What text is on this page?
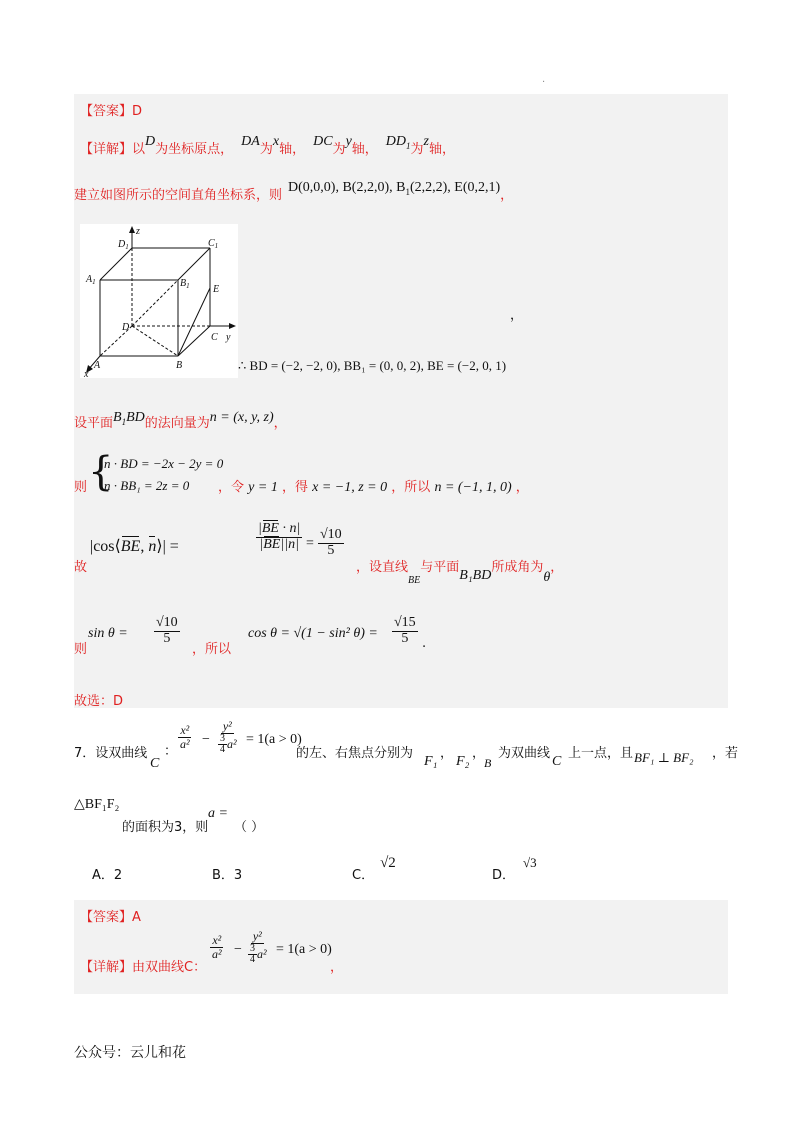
.
【答案】D
【详解】以D为坐标原点，DA为x轴，DC为y轴，$DD_1$为z轴，
建立如图所示的空间直角坐标系，则D(0,0,0), B(2,2,0), $B_1(2,2,2)$, E(0,2,1)，
z
$D_1$	$C_1$
$A_1$	$B_1$ E
D
C y
A	B
x
，
∴ BD = (−2, −2, 0), BB₁ = (0, 0, 2), BE = (−2, 0, 1)
设平面$B_1BD$的法向量为n = (x, y, z)，
则 {
n · BD = −2x − 2y = 0
n · BB₁ = 2z = 0 ，令 y = 1 ，得 x = −1, z = 0 ，所以 n = (−1, 1, 0) ，
故
|cos⟨BE, n⟩| =	$\frac{|BE \cdot n|}{|BE||n|} = \frac{√10}{5}$
，设直线$_{BE}$与平面B₁BD所成角为θ，
则
$\sin \theta = \frac{√10}{5}$
，所以
cos θ = √(1 − sin² $\theta) = \frac{√15}{5}$ .
故选：D
7．设双曲线
C
：
$\frac{\text{x²}}{\text{a²}} - \frac{\text{y²}}{\frac{3}{4} a^2} = 1(a > 0)$
的左、右焦点分别为
F₁
，
F₂
，
B
为双曲线
C
上一点，且 BF₁ ⊥ BF₂ ，若
△BF₁F₂
的面积为3，则
a =
（ ）
A．2	B．3	C．√2
D．√3
【答案】A
【详解】由双曲线C：
$\frac{\text{x²}}{\text{a²}} - \frac{\text{y²}}{\frac{3}{4} a^2} = 1(a > 0)$
，
公众号：云儿和花
